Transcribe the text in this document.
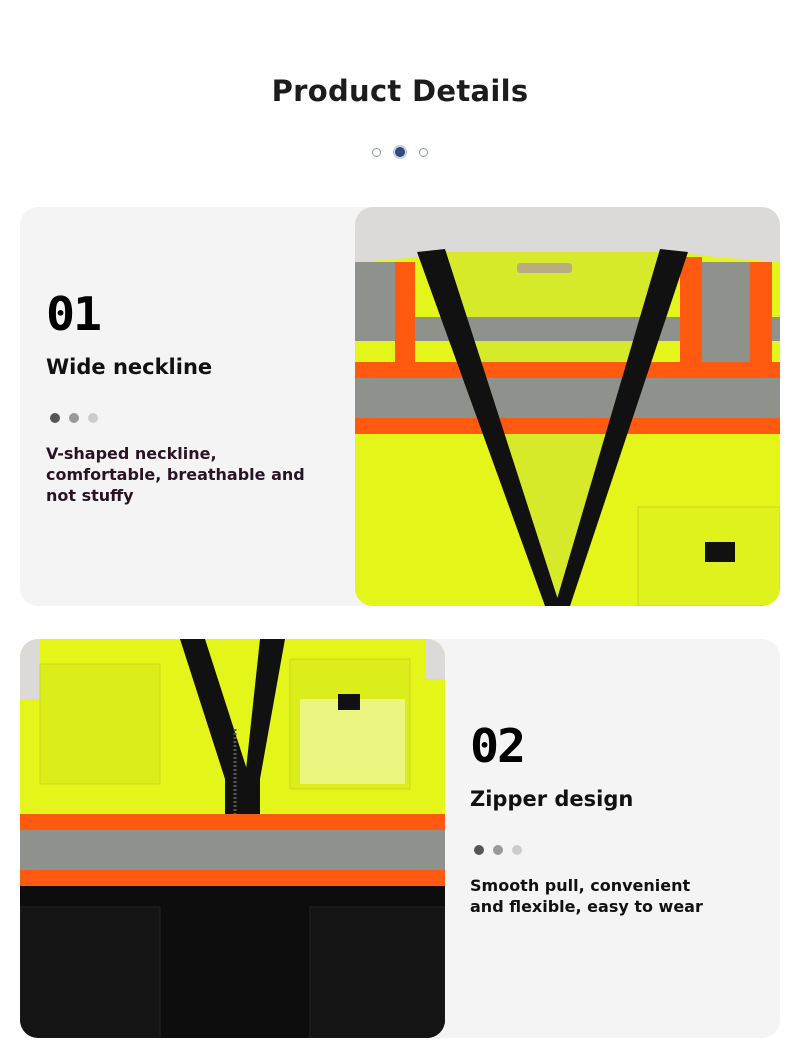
Product Details
01
Wide neckline
V-shaped neckline, comfortable, breathable and not stuffy
02
Zipper design
Smooth pull, convenient and flexible, easy to wear
